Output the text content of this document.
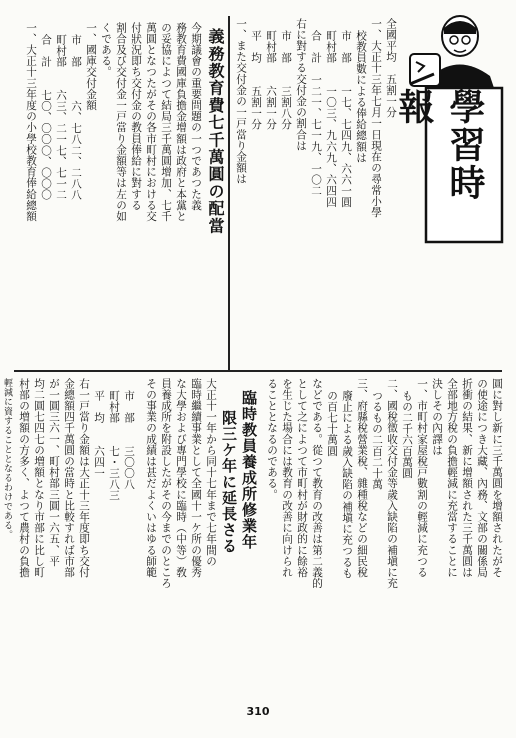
學習時報
全國平均　五割一分
一、大正十三年七月一日現在の尋常小學
校教員數による俸給總額は
市　部　　一七、七四九、六六一圓
町村部　　一〇三、九六九、六四四
合　計　一二一、七一九、一〇二
右に對する交付金の割合は
市　部　　三割八分
町村部　　六割一分
平　均　　五割一分
一、また交付金の一戸當り金額は
義務教育費七千萬圓の配當
今期議會の重要問題の一つであつた義
務教育費國庫負擔金增額は政府と本黨と
の妥協によつて結局三千萬圓增加、七千
萬圓となつたがその各市町村における交
付狀況即ち交付金の教員俸給に對する
割合及び交付金一戸當り金額等は左の如
くである。
一、國庫交付金額
市　部　　　六、七八二、二八八
町村部　　六三、二一七、七一二
合　計　　七〇、〇〇〇、〇〇〇
一、大正十三年度の小學校教育俸給總額
圓に對し新に三千萬圓を增額されたがそ
の使途につき大藏、內務、文部の關係局
折衝の結果、新に增額された三千萬圓は
全部地方稅の負擔輕減に充當することに
決しその內譯は
一、市町村家屋稅戸數割の輕減に充つる
もの二千六百萬圓
二、國稅徵收交付金等歲入缺陷の補塡に充
つるもの二百二十萬
三、府縣稅營業稅、雜種稅などの細民稅
廢止による歲入缺陷の補塡に充つるも
の百七十萬圓
などである。從つて教育の改善は第二義的
として之によつて市町村が財政的に餘裕
を生じた場合には教育の改善に向けられ
ることとなるのである。
臨時教員養成所修業年
限三ケ年に延長さる
大正十一年から同十七年まで七年間の
臨時繼續事業として全國十一ケ所の優秀
な大學および專門學校に臨時（中等）敎
員養成所を附設したがその今までのところ
その事業の成績は甚だよくいはゆる師範
市　部　　三〇〇八
町村部　　七・三八三
平　均　　六四一
右一戸當り金額は大正十三年度即ち交付
金總額四千萬圓の當時と比較すれば市部
が一圓三六一、町村部三圓一六五、平
均二圓七四七の増額となり市部に比し町
村部の増額の方多く、よつて農村の負擔
輕減に資することとなるわけである。
310
